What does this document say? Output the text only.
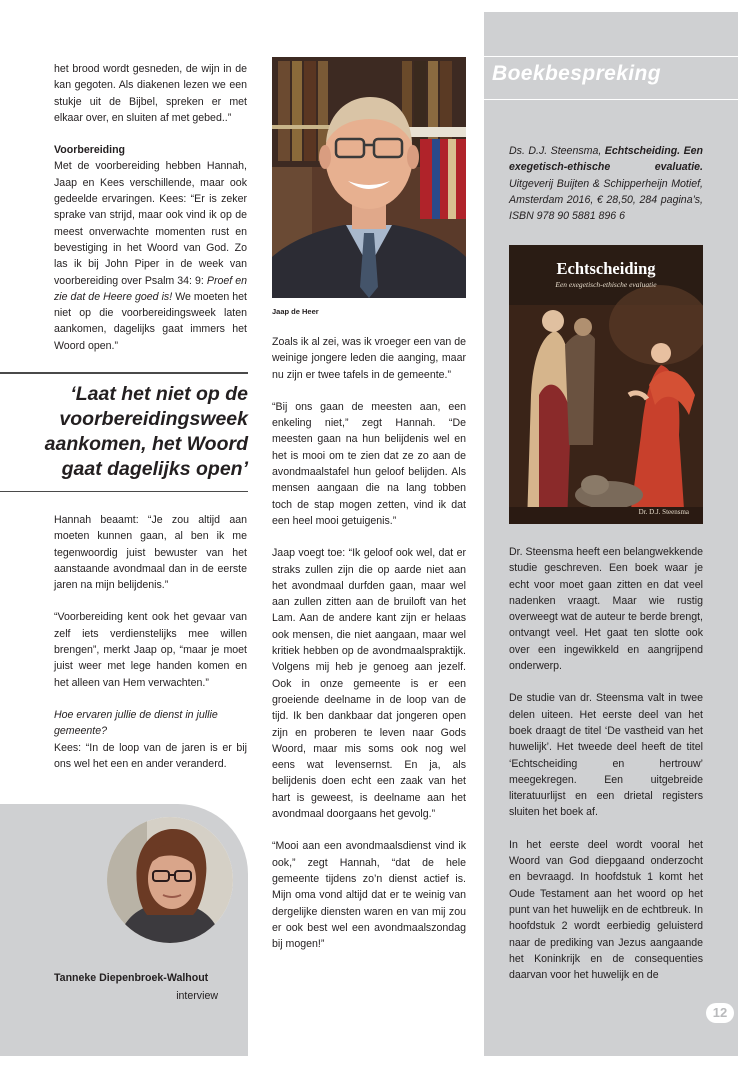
het brood wordt gesneden, de wijn in de kan gegoten. Als diakenen lezen we een stukje uit de Bijbel, spreken er met elkaar over, en sluiten af met gebed..”

Voorbereiding

Met de voorbereiding hebben Hannah, Jaap en Kees verschillende, maar ook gedeelde ervaringen. Kees: “Er is zeker sprake van strijd, maar ook vind ik op de meest onverwachte momenten rust en bevestiging in het Woord van God. Zo las ik bij John Piper in de week van voorbereiding over Psalm 34: 9: Proef en zie dat de Heere goed is! We moeten het niet op die voorbereidingsweek laten aankomen, dagelijks gaat immers het Woord open.”

‘Laat het niet op de voorbereidingsweek aankomen, het Woord gaat dagelijks open’

Hannah beaamt: “Je zou altijd aan moeten kunnen gaan, al ben ik me tegenwoordig juist bewuster van het aanstaande avondmaal dan in de eerste jaren na mijn belijdenis.”

“Voorbereiding kent ook het gevaar van zelf iets verdienstelijks mee willen brengen”, merkt Jaap op, “maar je moet juist weer met lege handen komen en het alleen van Hem verwachten.”

Hoe ervaren jullie de dienst in jullie gemeente?

Kees: “In de loop van de jaren is er bij ons wel het een en ander veranderd.

Tanneke Diepenbroek-Walhout
interview
Jaap de Heer

Zoals ik al zei, was ik vroeger een van de weinige jongere leden die aanging, maar nu zijn er twee tafels in de gemeente.”

“Bij ons gaan de meesten aan, een enkeling niet,” zegt Hannah. “De meesten gaan na hun belijdenis wel en het is mooi om te zien dat ze zo aan de avondmaalstafel hun geloof belijden. Als mensen aangaan die na lang tobben toch de stap mogen zetten, vind ik dat een heel mooi getuigenis.”

Jaap voegt toe: “Ik geloof ook wel, dat er straks zullen zijn die op aarde niet aan het avondmaal durfden gaan, maar wel aan zullen zitten aan de bruiloft van het Lam. Aan de andere kant zijn er helaas ook mensen, die niet aangaan, maar wel kritiek hebben op de avondmaalspraktijk. Volgens mij heb je genoeg aan jezelf. Ook in onze gemeente is er een groeiende deelname in de loop van de tijd. Ik ben dankbaar dat jongeren open zijn en proberen te leven naar Gods Woord, maar mis soms ook nog wel eens wat levensernst. En ja, als belijdenis doen echt een zaak van het hart is geweest, is deelname aan het avondmaal doorgaans het gevolg.”

“Mooi aan een avondmaalsdienst vind ik ook,” zegt Hannah, “dat de hele gemeente tijdens zo’n dienst actief is. Mijn oma vond altijd dat er te weinig van dergelijke diensten waren en van mij zou er ook best wel een avondmaalszondag bij mogen!”

Boekbespreking
Ds. D.J. Steensma, Echtscheiding. Een exegetisch-ethische evaluatie. Uitgeverij Buijten & Schipperheijn Motief, Amsterdam 2016, € 28,50, 284 pagina’s, ISBN 978 90 5881 896 6
Echtscheiding
Een exegetisch-ethische evaluatie
Dr. D.J. Steensma

Dr. Steensma heeft een belangwekkende studie geschreven. Een boek waar je echt voor moet gaan zitten en dat veel nadenken vraagt. Maar wie rustig overweegt wat de auteur te berde brengt, ontvangt veel. Het gaat ten slotte ook over een ingewikkeld en aangrijpend onderwerp.

De studie van dr. Steensma valt in twee delen uiteen. Het eerste deel van het boek draagt de titel ‘De vastheid van het huwelijk’. Het tweede deel heeft de titel ‘Echtscheiding en hertrouw’ meegekregen. Een uitgebreide literatuurlijst en een drietal registers sluiten het boek af.

In het eerste deel wordt vooral het Woord van God diepgaand onderzocht en bevraagd. In hoofdstuk 1 komt het Oude Testament aan het woord op het punt van het huwelijk en de echtbreuk. In hoofdstuk 2 wordt eerbiedig geluisterd naar de prediking van Jezus aangaande het Koninkrijk en de consequenties daarvan voor het huwelijk en de

12
